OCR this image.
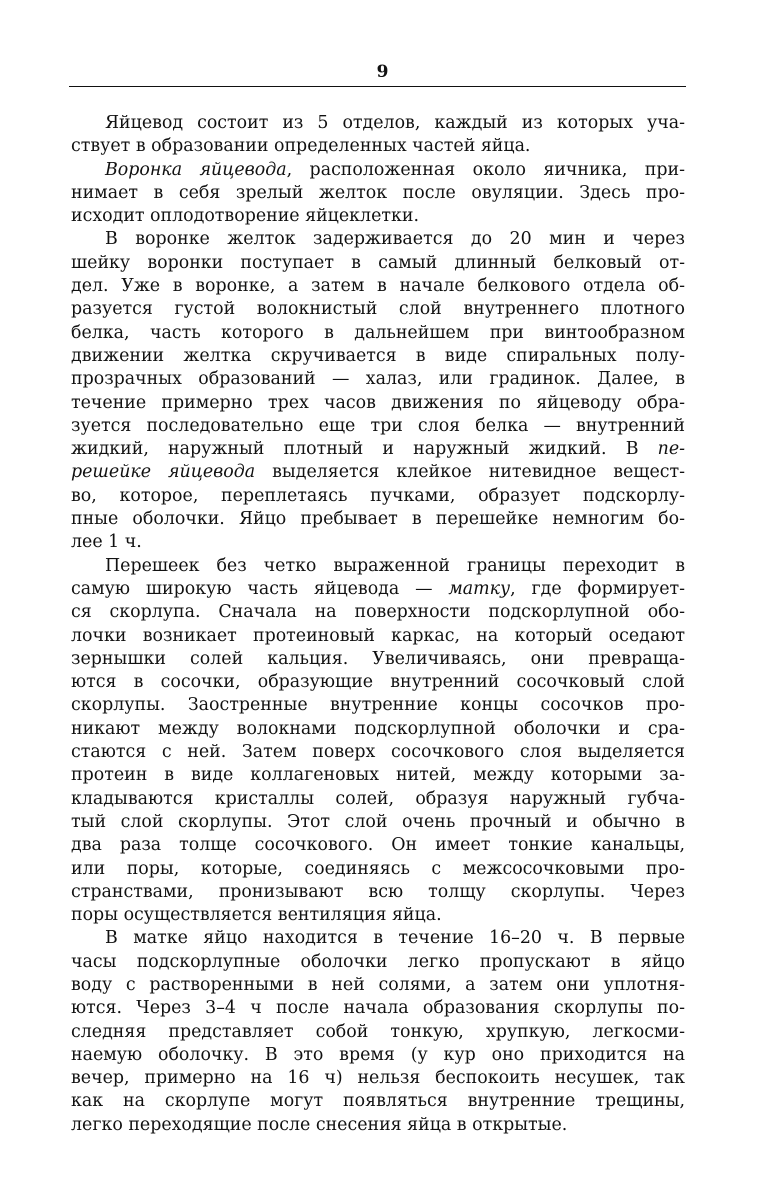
9
Яйцевод состоит из 5 отделов, каждый из которых уча-
ствует в образовании определенных частей яйца.
Воронка яйцевода, расположенная около яичника, при-
нимает в себя зрелый желток после овуляции. Здесь про-
исходит оплодотворение яйцеклетки.
В воронке желток задерживается до 20 мин и через
шейку воронки поступает в самый длинный белковый от-
дел. Уже в воронке, а затем в начале белкового отдела об-
разуется густой волокнистый слой внутреннего плотного
белка, часть которого в дальнейшем при винтообразном
движении желтка скручивается в виде спиральных полу-
прозрачных образований — халаз, или градинок. Далее, в
течение примерно трех часов движения по яйцеводу обра-
зуется последовательно еще три слоя белка — внутренний
жидкий, наружный плотный и наружный жидкий. В пе-
решейке яйцевода выделяется клейкое нитевидное вещест-
во, которое, переплетаясь пучками, образует подскорлу-
пные оболочки. Яйцо пребывает в перешейке немногим бо-
лее 1 ч.
Перешеек без четко выраженной границы переходит в
самую широкую часть яйцевода — матку, где формирует-
ся скорлупа. Сначала на поверхности подскорлупной обо-
лочки возникает протеиновый каркас, на который оседают
зернышки солей кальция. Увеличиваясь, они превраща-
ются в сосочки, образующие внутренний сосочковый слой
скорлупы. Заостренные внутренние концы сосочков про-
никают между волокнами подскорлупной оболочки и сра-
стаются с ней. Затем поверх сосочкового слоя выделяется
протеин в виде коллагеновых нитей, между которыми за-
кладываются кристаллы солей, образуя наружный губча-
тый слой скорлупы. Этот слой очень прочный и обычно в
два раза толще сосочкового. Он имеет тонкие канальцы,
или поры, которые, соединяясь с межсосочковыми про-
странствами, пронизывают всю толщу скорлупы. Через
поры осуществляется вентиляция яйца.
В матке яйцо находится в течение 16–20 ч. В первые
часы подскорлупные оболочки легко пропускают в яйцо
воду с растворенными в ней солями, а затем они уплотня-
ются. Через 3–4 ч после начала образования скорлупы по-
следняя представляет собой тонкую, хрупкую, легкосми-
наемую оболочку. В это время (у кур оно приходится на
вечер, примерно на 16 ч) нельзя беспокоить несушек, так
как на скорлупе могут появляться внутренние трещины,
легко переходящие после снесения яйца в открытые.
